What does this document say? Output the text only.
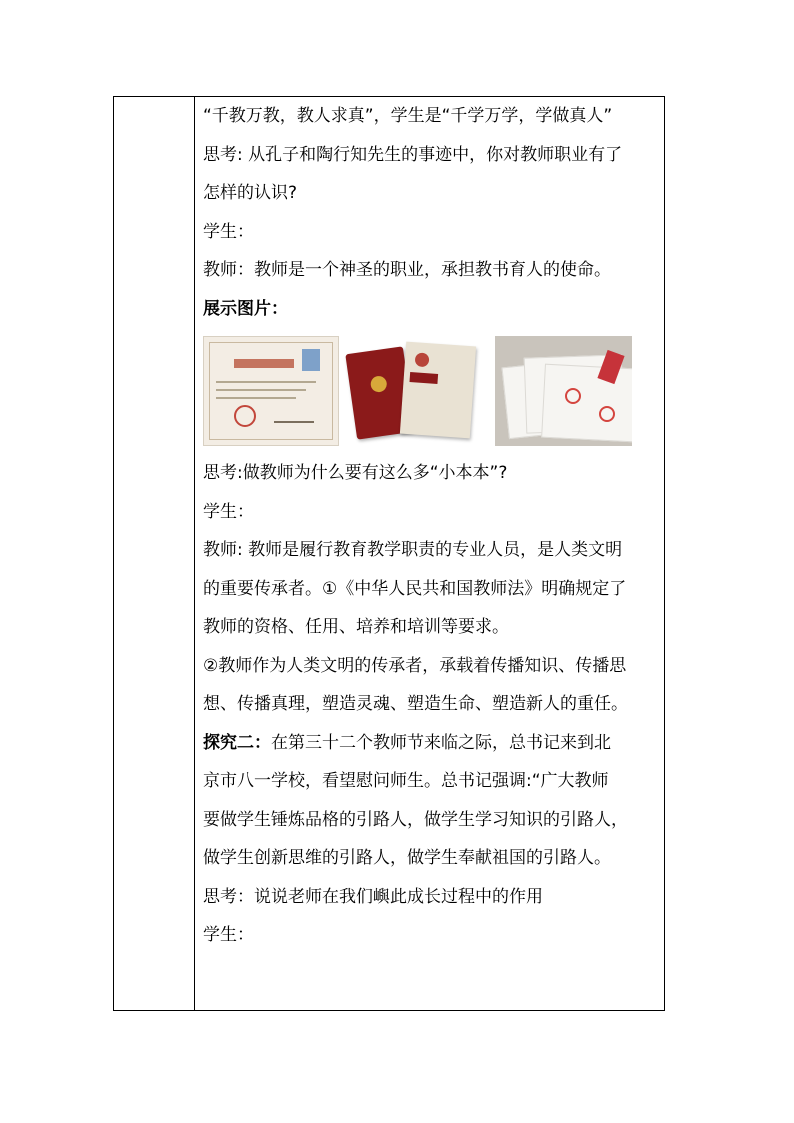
“千教万教，教人求真”，学生是“千学万学，学做真人”
思考: 从孔子和陶行知先生的事迹中，你对教师职业有了
怎样的认识?
学生：
教师：教师是一个神圣的职业，承担教书育人的使命。
展示图片：
思考:做教师为什么要有这么多“小本本”?
学生：
教师: 教师是履行教育教学职责的专业人员，是人类文明
的重要传承者。①《中华人民共和国教师法》明确规定了
教师的资格、任用、培养和培训等要求。
②教师作为人类文明的传承者，承载着传播知识、传播思
想、传播真理，塑造灵魂、塑造生命、塑造新人的重任。
探究二：在第三十二个教师节来临之际，总书记来到北
京市八一学校，看望慰问师生。总书记强调:“广大教师
要做学生锤炼品格的引路人，做学生学习知识的引路人，
做学生创新思维的引路人，做学生奉献祖国的引路人。
思考：说说老师在我们嶼此成长过程中的作用
学生：
